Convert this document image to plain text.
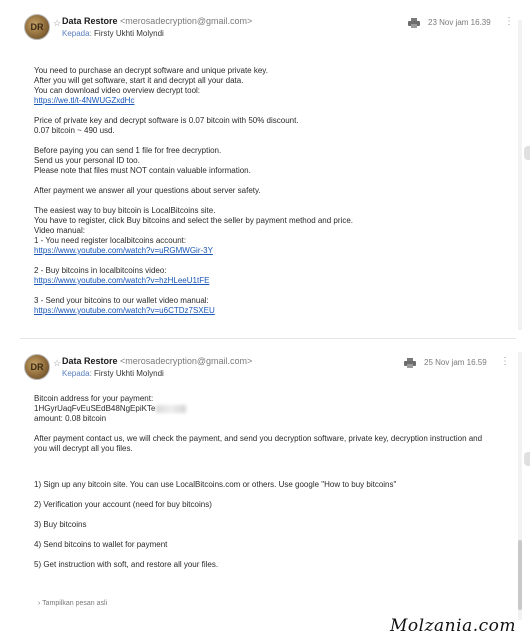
DR	☆ Data Restore <merosadecryption@gmail.com>
Kepada: Firsty Ukhti Molyndi
23 Nov jam 16.39 ⋮

You need to purchase an decrypt software and unique private key.
After you will get software, start it and decrypt all your data.
You can download video overview decrypt tool:
https://we.tl/t-4NWUGZxdHc

Price of private key and decrypt software is 0.07 bitcoin with 50% discount.
0.07 bitcoin ~ 490 usd.

Before paying you can send 1 file for free decryption.
Send us your personal ID too.
Please note that files must NOT contain valuable information.

After payment we answer all your questions about server safety.

The easiest way to buy bitcoin is LocalBitcoins site.
You have to register, click Buy bitcoins and select the seller by payment method and price.
Video manual:
1 - You need register localbitcoins account:
https://www.youtube.com/watch?v=uRGMWGir-3Y

2 - Buy bitcoins in localbitcoins video:
https://www.youtube.com/watch?v=hzHLeeU1tFE

3 - Send your bitcoins to our wallet video manual:
https://www.youtube.com/watch?v=u6CTDz7SXEU

DR	☆ Data Restore <merosadecryption@gmail.com>
Kepada: Firsty Ukhti Molyndi
25 Nov jam 16.59 ⋮

Bitcoin address for your payment:
1HGyrUaqFvEuSEdB48NgEpiKTe
amount: 0.08 bitcoin

After payment contact us, we will check the payment, and send you decryption software, private key, decryption instruction and
you will decrypt all you files.

1) Sign up any bitcoin site. You can use LocalBitcoins.com or others. Use google "How to buy bitcoins"

2) Verification your account (need for buy bitcoins)

3) Buy bitcoins

4) Send bitcoins to wallet for payment

5) Get instruction with soft, and restore all your files.

› Tampilkan pesan asli
Molzania.com
